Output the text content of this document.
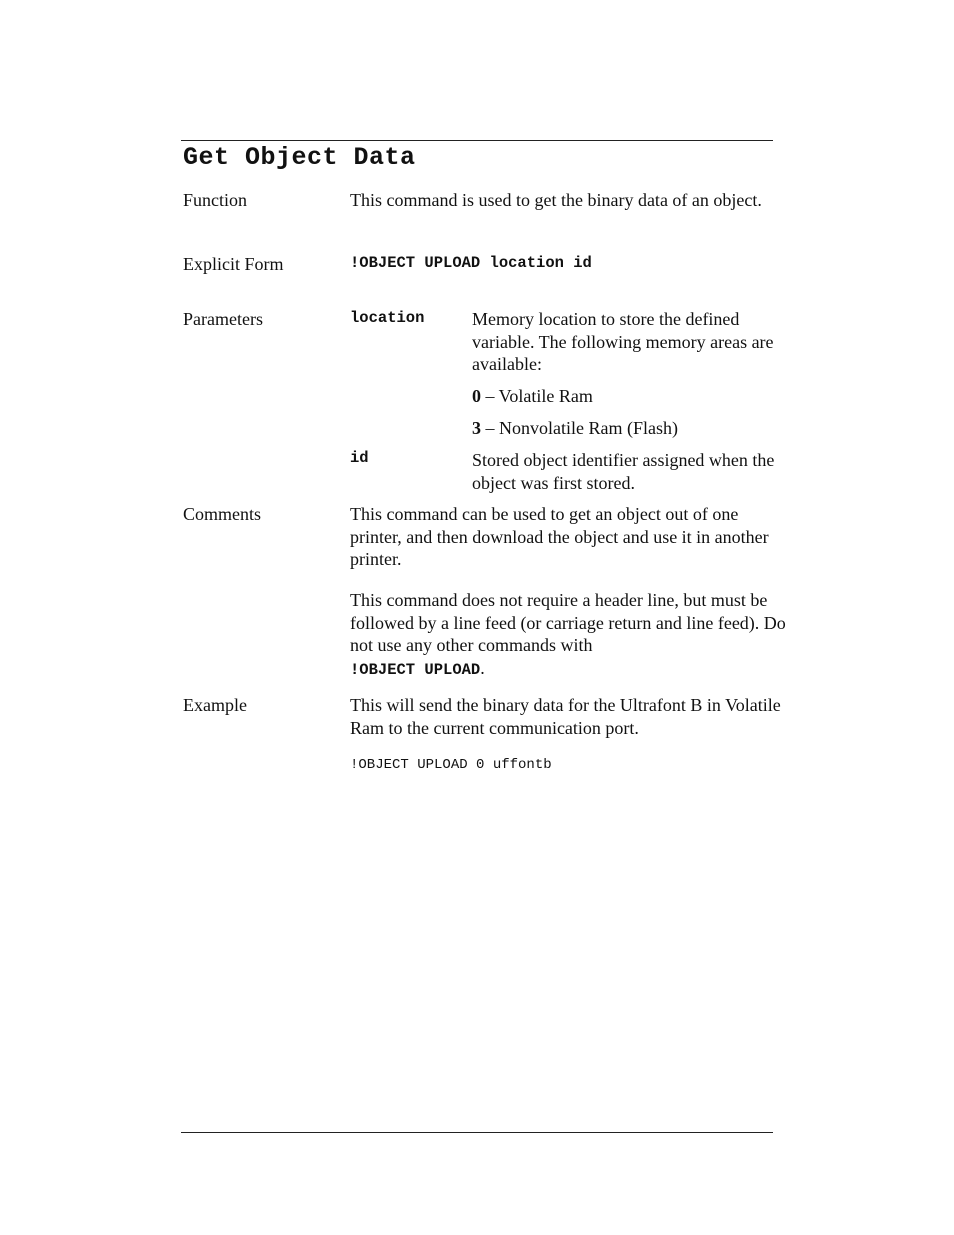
Get Object Data
Function	This command is used to get the binary data of an object.
Explicit Form	!OBJECT UPLOAD location id
Parameters	location	Memory location to store the defined variable. The following memory areas are available:
0 – Volatile Ram
3 – Nonvolatile Ram (Flash)
id	Stored object identifier assigned when the object was first stored.
Comments	This command can be used to get an object out of one printer, and then download the object and use it in another printer.
This command does not require a header line, but must be followed by a line feed (or carriage return and line feed). Do not use any other commands with
!OBJECT UPLOAD.
Example	This will send the binary data for the Ultrafont B in Volatile Ram to the current communication port.
!OBJECT UPLOAD 0 uffontb
